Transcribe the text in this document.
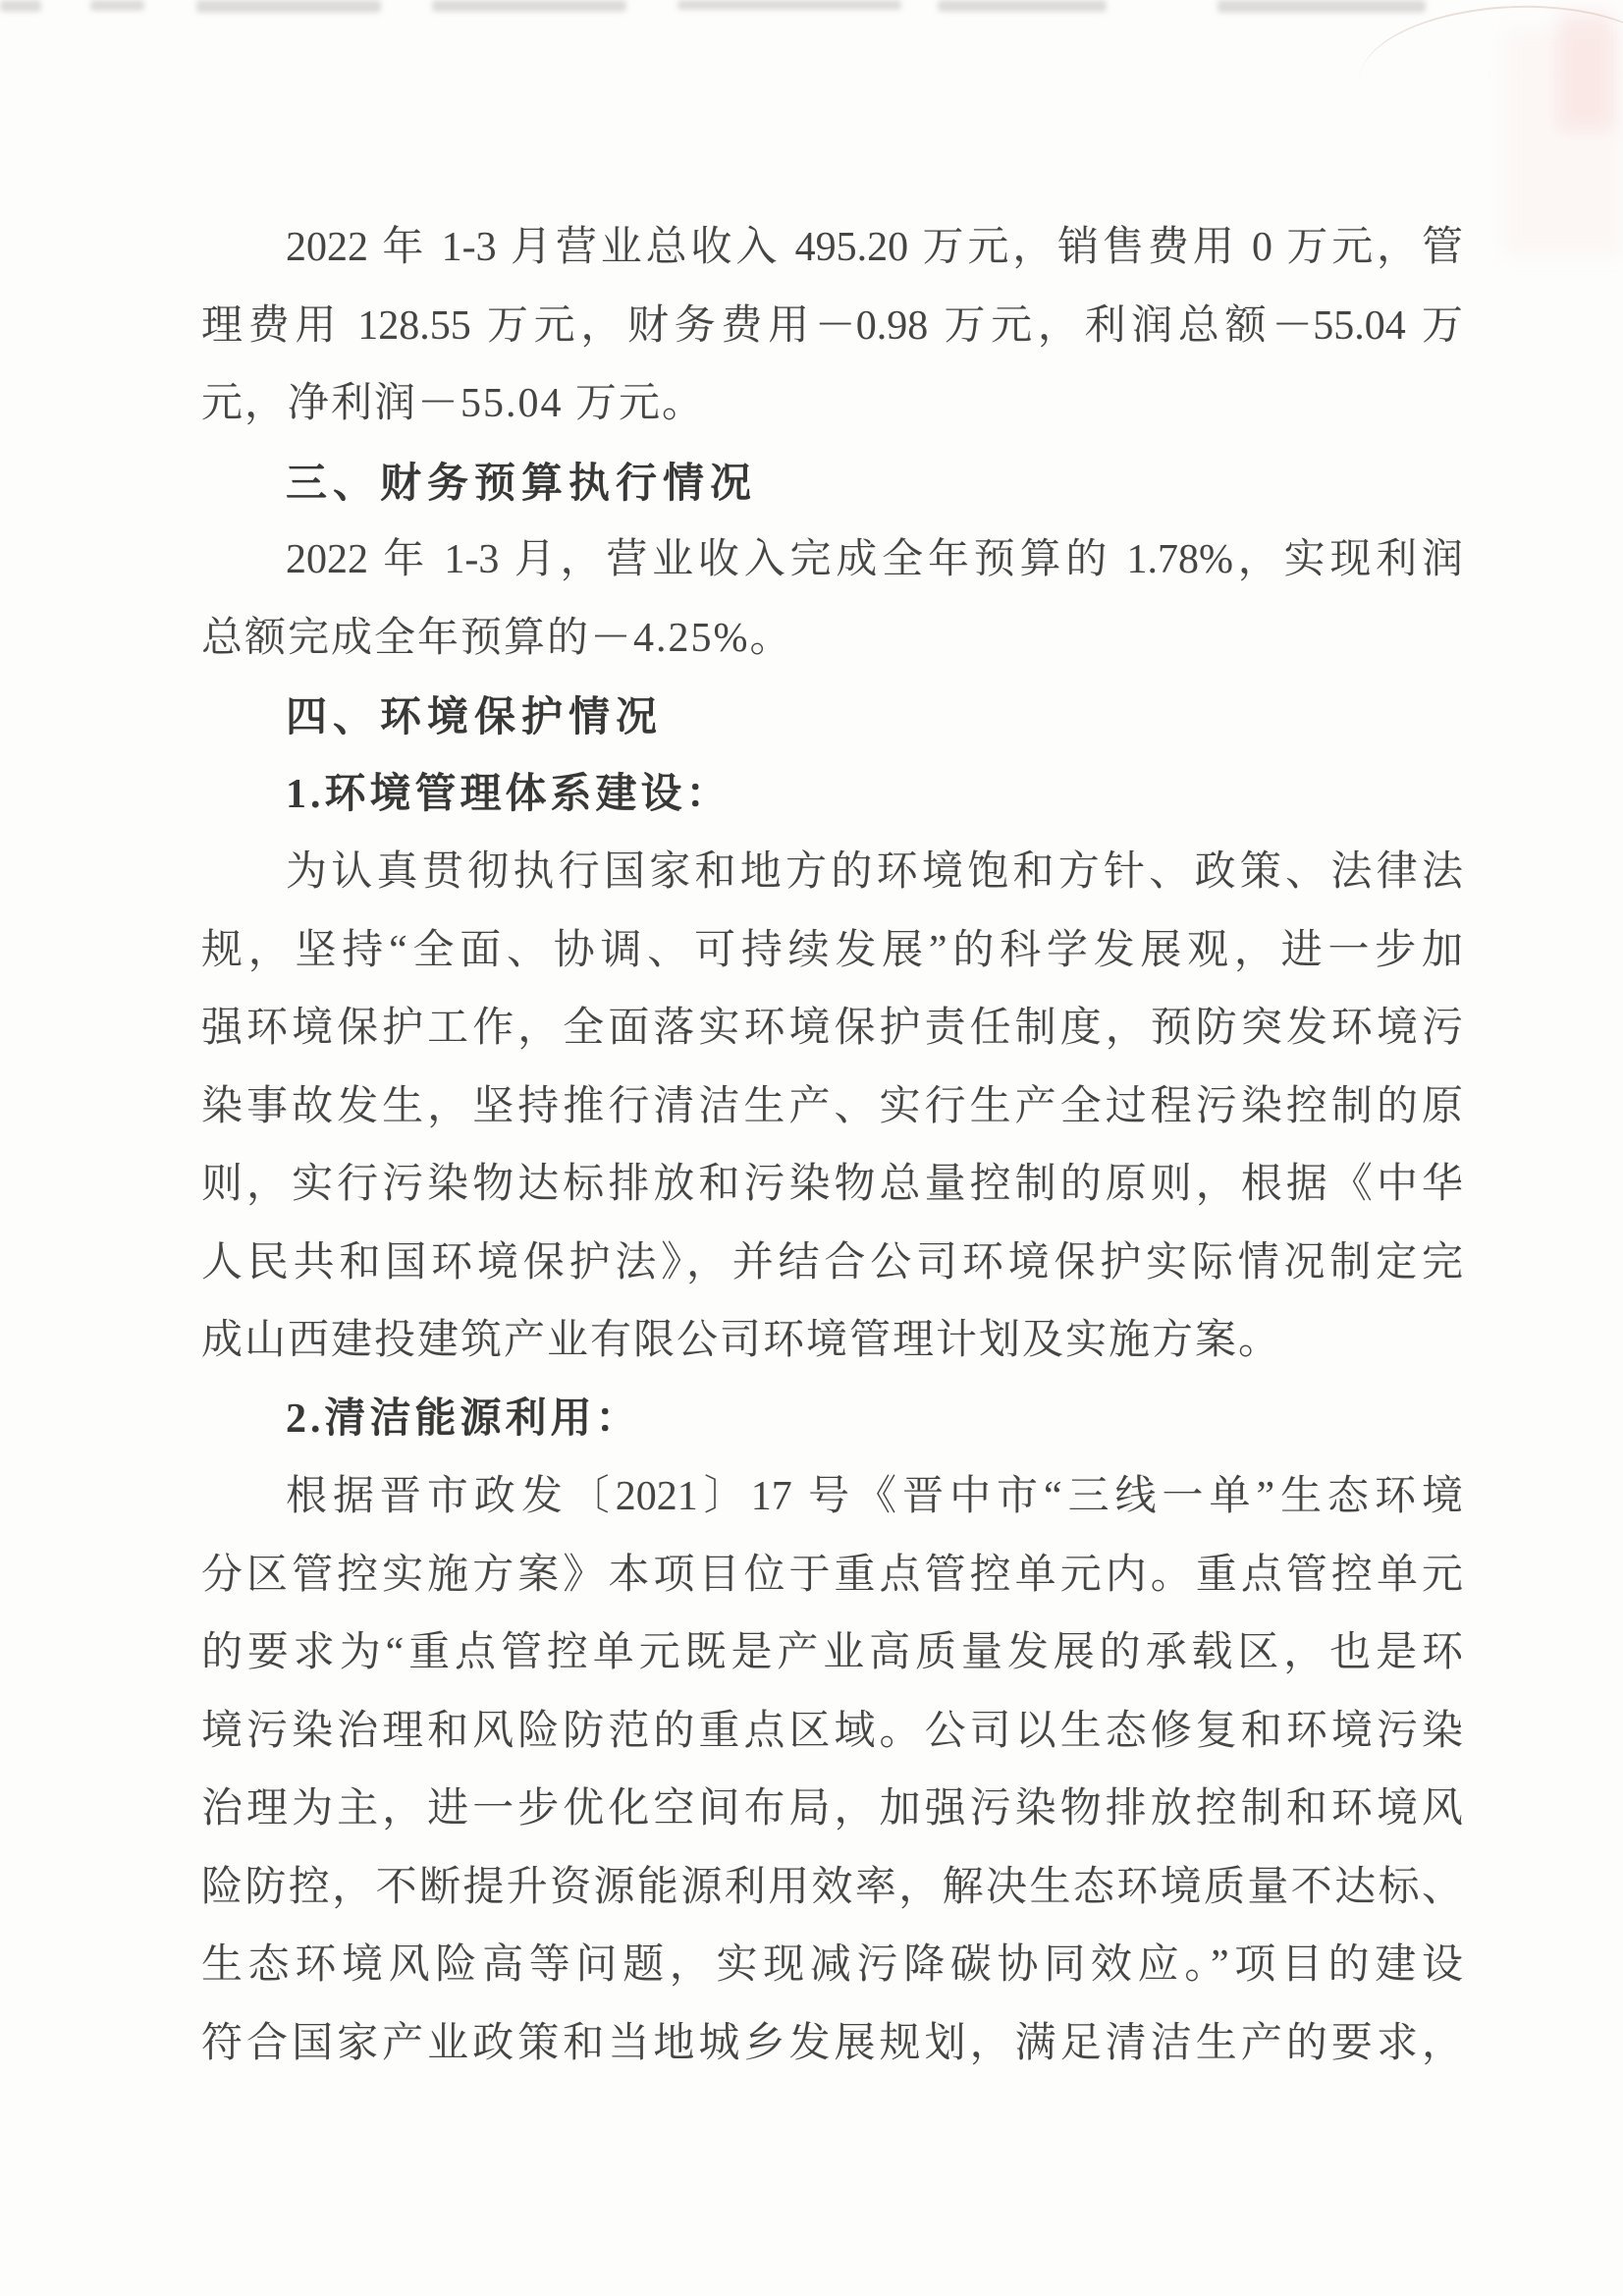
2022 年 1-3 月营业总收入 495.20 万元，销售费用 0 万元，管
理费用 128.55 万元，财务费用－0.98 万元，利润总额－55.04 万
元，净利润－55.04 万元。
三、财务预算执行情况
2022 年 1-3 月，营业收入完成全年预算的 1.78%，实现利润
总额完成全年预算的－4.25%。
四、环境保护情况
1.环境管理体系建设：
为认真贯彻执行国家和地方的环境饱和方针、政策、法律法
规，坚持“全面、协调、可持续发展”的科学发展观，进一步加
强环境保护工作，全面落实环境保护责任制度，预防突发环境污
染事故发生，坚持推行清洁生产、实行生产全过程污染控制的原
则，实行污染物达标排放和污染物总量控制的原则，根据《中华
人民共和国环境保护法》，并结合公司环境保护实际情况制定完
成山西建投建筑产业有限公司环境管理计划及实施方案。
2.清洁能源利用：
根据晋市政发〔2021〕17 号《晋中市“三线一单”生态环境
分区管控实施方案》本项目位于重点管控单元内。重点管控单元
的要求为“重点管控单元既是产业高质量发展的承载区，也是环
境污染治理和风险防范的重点区域。公司以生态修复和环境污染
治理为主，进一步优化空间布局，加强污染物排放控制和环境风
险防控，不断提升资源能源利用效率，解决生态环境质量不达标、
生态环境风险高等问题，实现减污降碳协同效应。”项目的建设
符合国家产业政策和当地城乡发展规划，满足清洁生产的要求，
